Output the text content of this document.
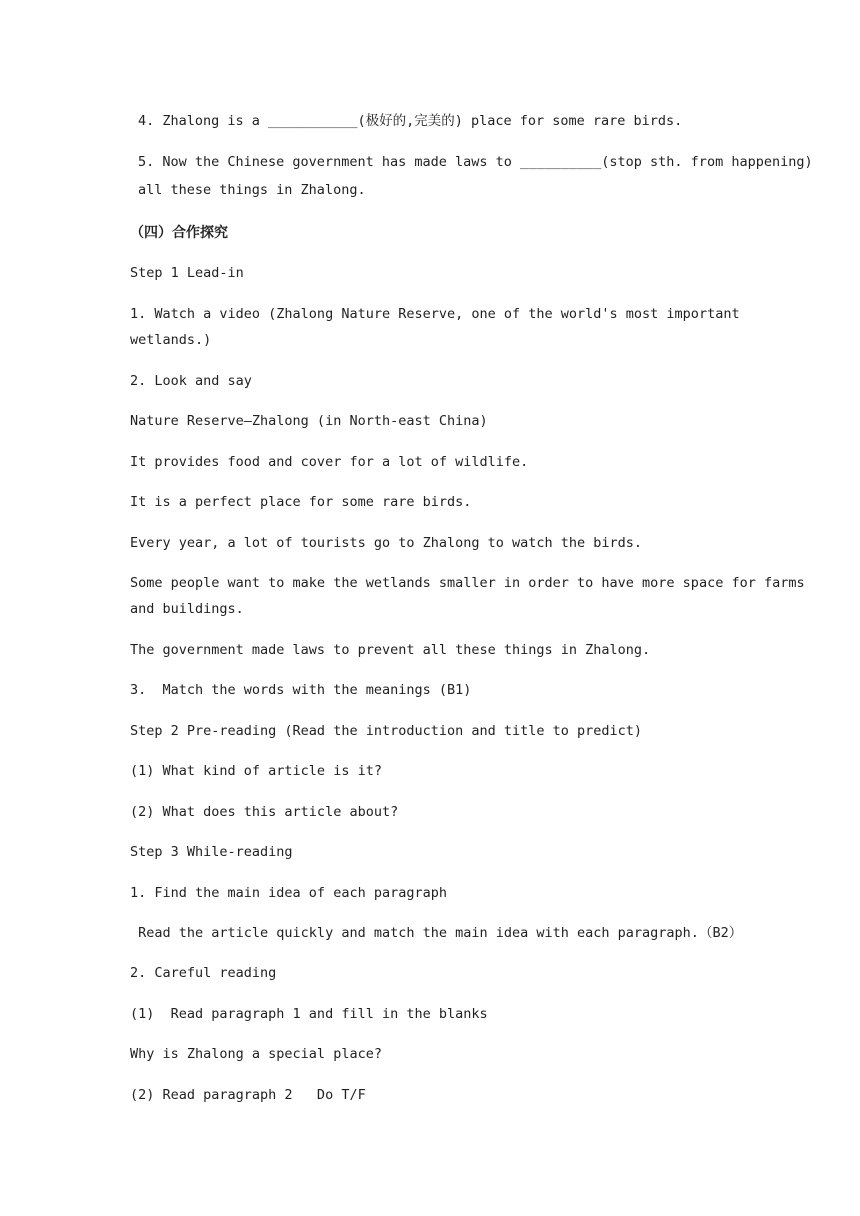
4. Zhalong is a ___________(极好的,完美的) place for some rare birds.
5. Now the Chinese government has made laws to __________(stop sth. from happening)
all these things in Zhalong.
（四）合作探究
Step 1 Lead-in
1. Watch a video (Zhalong Nature Reserve, one of the world's most important
wetlands.)
2. Look and say
Nature Reserve—Zhalong (in North-east China)
It provides food and cover for a lot of wildlife.
It is a perfect place for some rare birds.
Every year, a lot of tourists go to Zhalong to watch the birds.
Some people want to make the wetlands smaller in order to have more space for farms
and buildings.
The government made laws to prevent all these things in Zhalong.
3.  Match the words with the meanings (B1)
Step 2 Pre-reading (Read the introduction and title to predict)
(1) What kind of article is it?
(2) What does this article about?
Step 3 While-reading
1. Find the main idea of each paragraph
Read the article quickly and match the main idea with each paragraph.（B2）
2. Careful reading
(1)  Read paragraph 1 and fill in the blanks
Why is Zhalong a special place?
(2) Read paragraph 2   Do T/F
